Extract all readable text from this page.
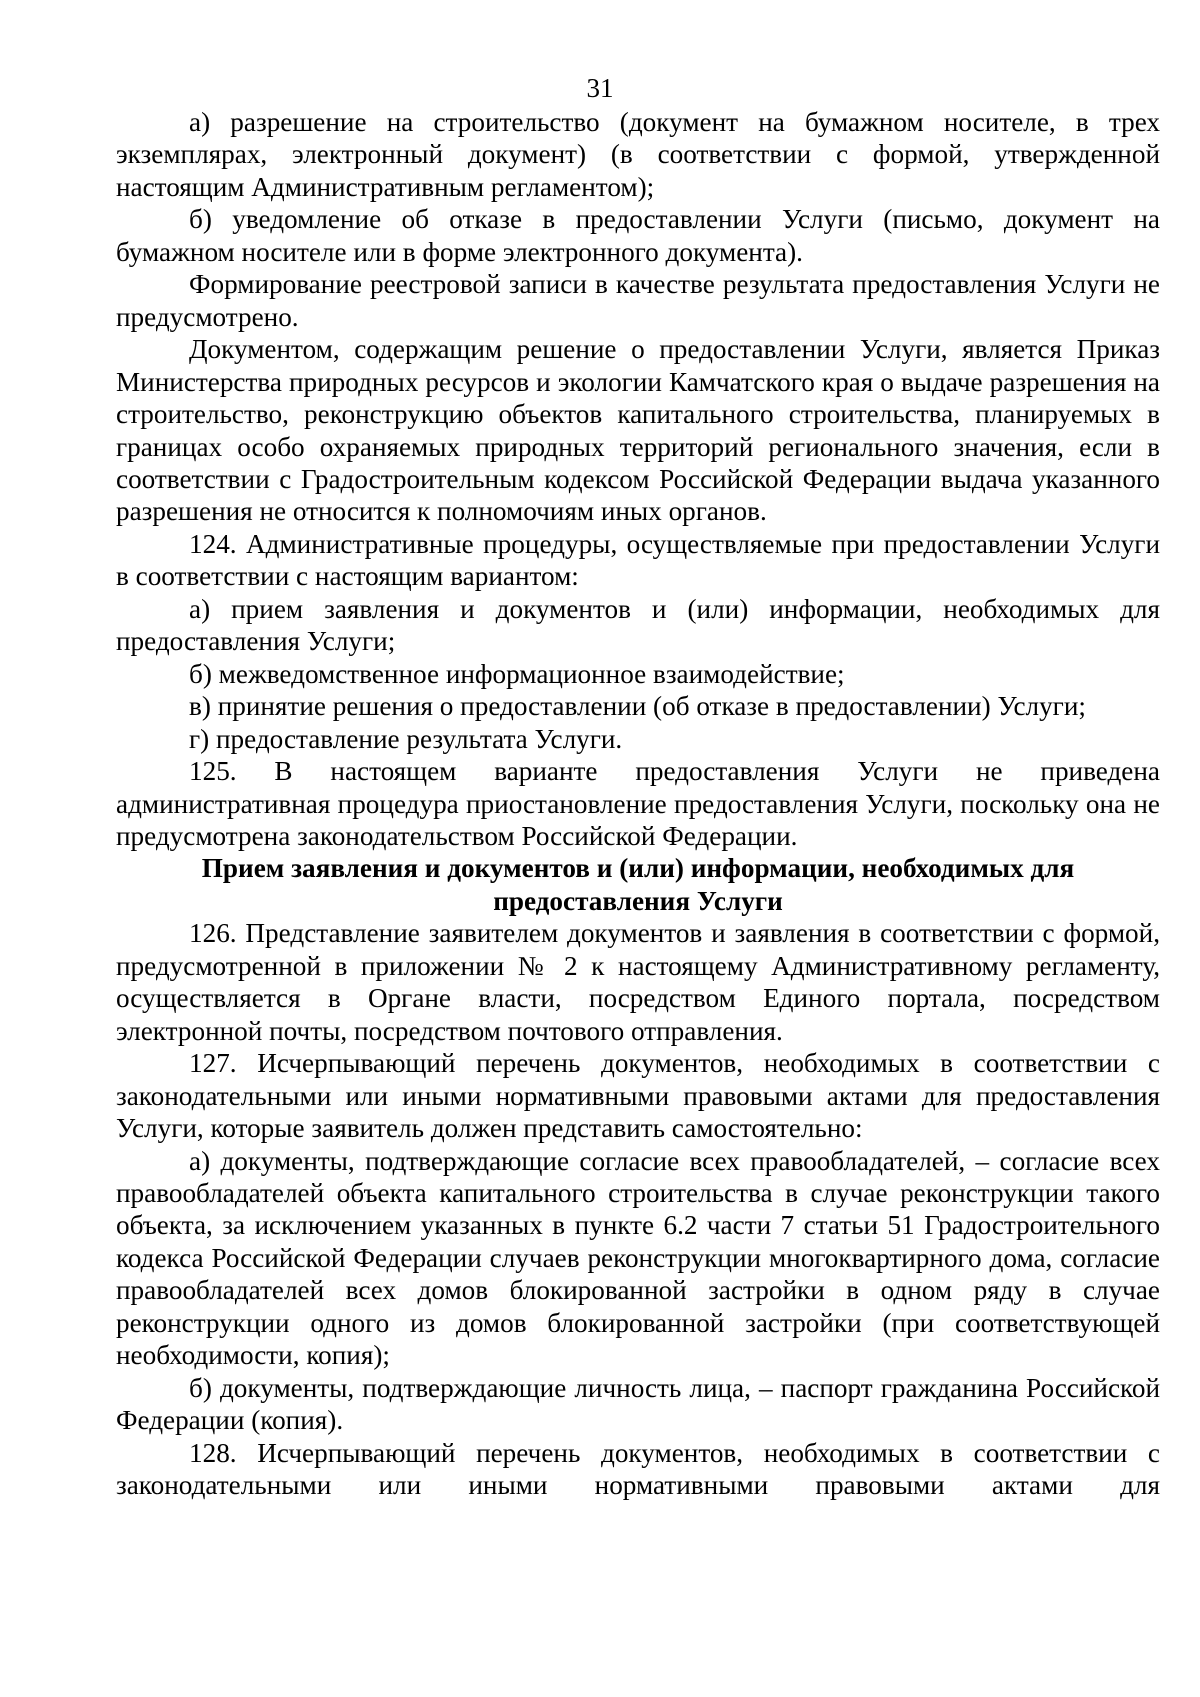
31

а) разрешение на строительство (документ на бумажном носителе, в трех экземплярах, электронный документ) (в соответствии с формой, утвержденной настоящим Административным регламентом);

б) уведомление об отказе в предоставлении Услуги (письмо, документ на бумажном носителе или в форме электронного документа).

Формирование реестровой записи в качестве результата предоставления Услуги не предусмотрено.

Документом, содержащим решение о предоставлении Услуги, является Приказ Министерства природных ресурсов и экологии Камчатского края о выдаче разрешения на строительство, реконструкцию объектов капитального строительства, планируемых в границах особо охраняемых природных территорий регионального значения, если в соответствии с Градостроительным кодексом Российской Федерации выдача указанного разрешения не относится к полномочиям иных органов.

124. Административные процедуры, осуществляемые при предоставлении Услуги в соответствии с настоящим вариантом:

а) прием заявления и документов и (или) информации, необходимых для предоставления Услуги;

б) межведомственное информационное взаимодействие;

в) принятие решения о предоставлении (об отказе в предоставлении) Услуги;

г) предоставление результата Услуги.

125. В настоящем варианте предоставления Услуги не приведена административная процедура приостановление предоставления Услуги, поскольку она не предусмотрена законодательством Российской Федерации.

Прием заявления и документов и (или) информации, необходимых для предоставления Услуги

126. Представление заявителем документов и заявления в соответствии с формой, предусмотренной в приложении № 2 к настоящему Административному регламенту, осуществляется в Органе власти, посредством Единого портала, посредством электронной почты, посредством почтового отправления.

127. Исчерпывающий перечень документов, необходимых в соответствии с законодательными или иными нормативными правовыми актами для предоставления Услуги, которые заявитель должен представить самостоятельно:

а) документы, подтверждающие согласие всех правообладателей, – согласие всех правообладателей объекта капитального строительства в случае реконструкции такого объекта, за исключением указанных в пункте 6.2 части 7 статьи 51 Градостроительного кодекса Российской Федерации случаев реконструкции многоквартирного дома, согласие правообладателей всех домов блокированной застройки в одном ряду в случае реконструкции одного из домов блокированной застройки (при соответствующей необходимости, копия);

б) документы, подтверждающие личность лица, – паспорт гражданина Российской Федерации (копия).

128. Исчерпывающий перечень документов, необходимых в соответствии с законодательными или иными нормативными правовыми актами для
